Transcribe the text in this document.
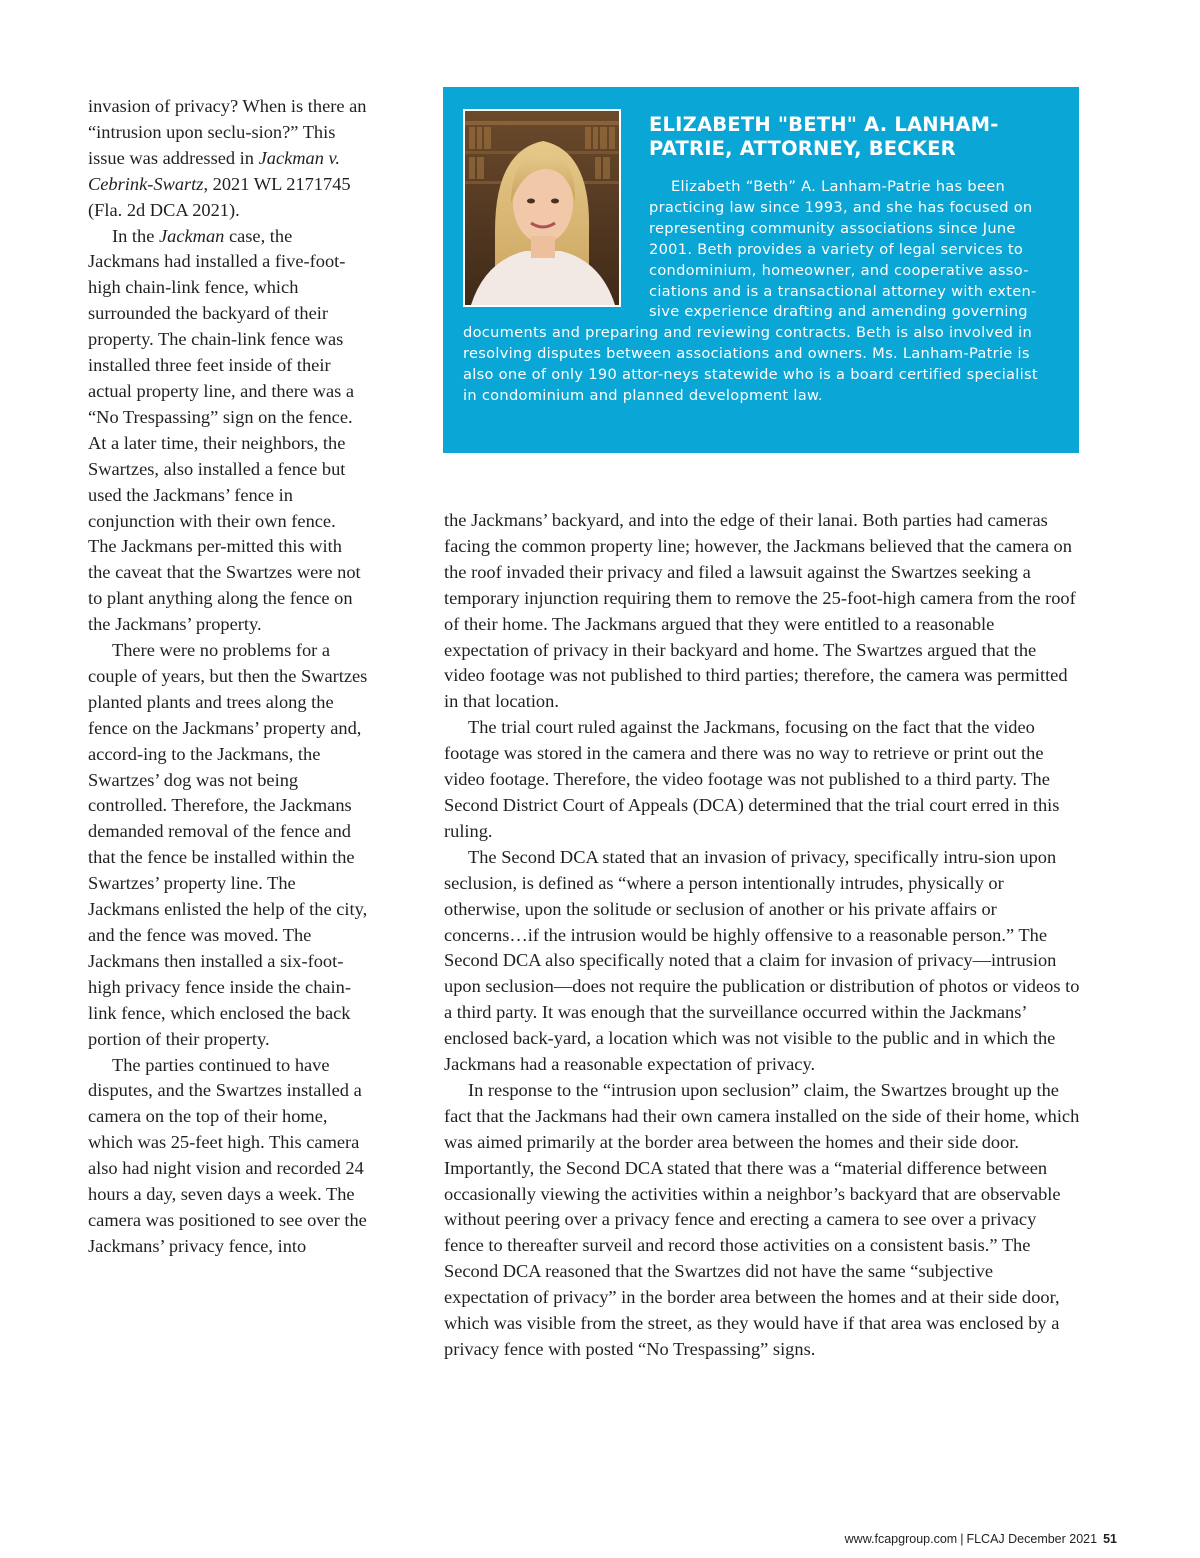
invasion of privacy? When is there an “intrusion upon seclu-sion?” This issue was addressed in Jackman v. Cebrink-Swartz, 2021 WL 2171745 (Fla. 2d DCA 2021).

In the Jackman case, the Jackmans had installed a five-foot-high chain-link fence, which surrounded the backyard of their property. The chain-link fence was installed three feet inside of their actual property line, and there was a “No Trespassing” sign on the fence. At a later time, their neighbors, the Swartzes, also installed a fence but used the Jackmans’ fence in conjunction with their own fence. The Jackmans per-mitted this with the caveat that the Swartzes were not to plant anything along the fence on the Jackmans’ property.

There were no problems for a couple of years, but then the Swartzes planted plants and trees along the fence on the Jackmans’ property and, accord-ing to the Jackmans, the Swartzes’ dog was not being controlled. Therefore, the Jackmans demanded removal of the fence and that the fence be installed within the Swartzes’ property line. The Jackmans enlisted the help of the city, and the fence was moved. The Jackmans then installed a six-foot-high privacy fence inside the chain-link fence, which enclosed the back portion of their property.

The parties continued to have disputes, and the Swartzes installed a camera on the top of their home, which was 25-feet high. This camera also had night vision and recorded 24 hours a day, seven days a week. The camera was positioned to see over the Jackmans’ privacy fence, into

ELIZABETH "BETH" A. LANHAM-PATRIE, ATTORNEY, BECKER

Elizabeth “Beth” A. Lanham-Patrie has been practicing law since 1993, and she has focused on representing community associations since June 2001. Beth provides a variety of legal services to condominium, homeowner, and cooperative asso-ciations and is a transactional attorney with exten-sive experience drafting and amending governing documents and preparing and reviewing contracts. Beth is also involved in resolving disputes between associations and owners. Ms. Lanham-Patrie is also one of only 190 attor-neys statewide who is a board certified specialist in condominium and planned development law.

the Jackmans’ backyard, and into the edge of their lanai. Both parties had cameras facing the common property line; however, the Jackmans believed that the camera on the roof invaded their privacy and filed a lawsuit against the Swartzes seeking a temporary injunction requiring them to remove the 25-foot-high camera from the roof of their home. The Jackmans argued that they were entitled to a reasonable expectation of privacy in their backyard and home. The Swartzes argued that the video footage was not published to third parties; therefore, the camera was permitted in that location.

The trial court ruled against the Jackmans, focusing on the fact that the video footage was stored in the camera and there was no way to retrieve or print out the video footage. Therefore, the video footage was not published to a third party. The Second District Court of Appeals (DCA) determined that the trial court erred in this ruling.

The Second DCA stated that an invasion of privacy, specifically intru-sion upon seclusion, is defined as “where a person intentionally intrudes, physically or otherwise, upon the solitude or seclusion of another or his private affairs or concerns…if the intrusion would be highly offensive to a reasonable person.” The Second DCA also specifically noted that a claim for invasion of privacy—intrusion upon seclusion—does not require the publication or distribution of photos or videos to a third party. It was enough that the surveillance occurred within the Jackmans’ enclosed back-yard, a location which was not visible to the public and in which the Jackmans had a reasonable expectation of privacy.

In response to the “intrusion upon seclusion” claim, the Swartzes brought up the fact that the Jackmans had their own camera installed on the side of their home, which was aimed primarily at the border area between the homes and their side door. Importantly, the Second DCA stated that there was a “material difference between occasionally viewing the activities within a neighbor’s backyard that are observable without peering over a privacy fence and erecting a camera to see over a privacy fence to thereafter surveil and record those activities on a consistent basis.” The Second DCA reasoned that the Swartzes did not have the same “subjective expectation of privacy” in the border area between the homes and at their side door, which was visible from the street, as they would have if that area was enclosed by a privacy fence with posted “No Trespassing” signs.

www.fcapgroup.com | FLCAJ December 2021 51
